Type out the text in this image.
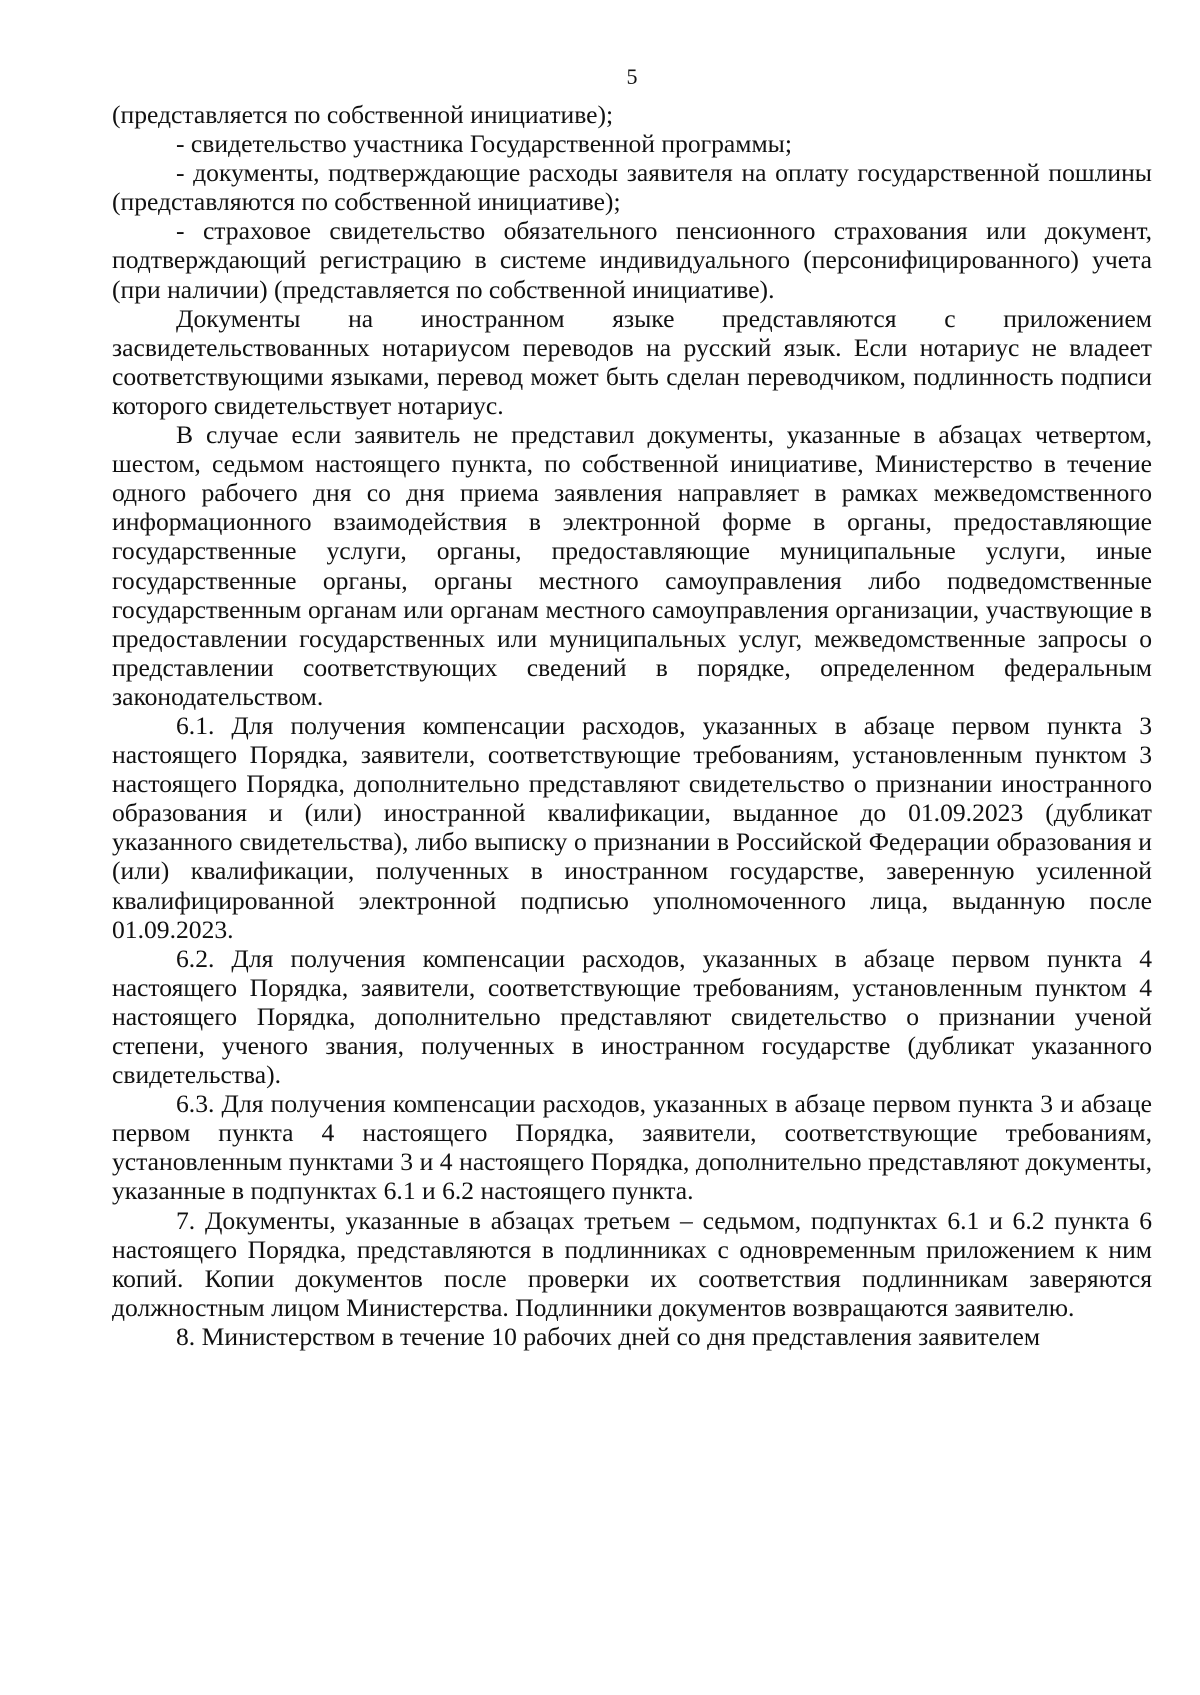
5

(представляется по собственной инициативе);

- свидетельство участника Государственной программы;

- документы, подтверждающие расходы заявителя на оплату государственной пошлины (представляются по собственной инициативе);

- страховое свидетельство обязательного пенсионного страхования или документ, подтверждающий регистрацию в системе индивидуального (персонифицированного) учета (при наличии) (представляется по собственной инициативе).

Документы на иностранном языке представляются с приложением засвидетельствованных нотариусом переводов на русский язык. Если нотариус не владеет соответствующими языками, перевод может быть сделан переводчиком, подлинность подписи которого свидетельствует нотариус.

В случае если заявитель не представил документы, указанные в абзацах четвертом, шестом, седьмом настоящего пункта, по собственной инициативе, Министерство в течение одного рабочего дня со дня приема заявления направляет в рамках межведомственного информационного взаимодействия в электронной форме в органы, предоставляющие государственные услуги, органы, предоставляющие муниципальные услуги, иные государственные органы, органы местного самоуправления либо подведомственные государственным органам или органам местного самоуправления организации, участвующие в предоставлении государственных или муниципальных услуг, межведомственные запросы о представлении соответствующих сведений в порядке, определенном федеральным законодательством.

6.1. Для получения компенсации расходов, указанных в абзаце первом пункта 3 настоящего Порядка, заявители, соответствующие требованиям, установленным пунктом 3 настоящего Порядка, дополнительно представляют свидетельство о признании иностранного образования и (или) иностранной квалификации, выданное до 01.09.2023 (дубликат указанного свидетельства), либо выписку о признании в Российской Федерации образования и (или) квалификации, полученных в иностранном государстве, заверенную усиленной квалифицированной электронной подписью уполномоченного лица, выданную после 01.09.2023.

6.2. Для получения компенсации расходов, указанных в абзаце первом пункта 4 настоящего Порядка, заявители, соответствующие требованиям, установленным пунктом 4 настоящего Порядка, дополнительно представляют свидетельство о признании ученой степени, ученого звания, полученных в иностранном государстве (дубликат указанного свидетельства).

6.3. Для получения компенсации расходов, указанных в абзаце первом пункта 3 и абзаце первом пункта 4 настоящего Порядка, заявители, соответствующие требованиям, установленным пунктами 3 и 4 настоящего Порядка, дополнительно представляют документы, указанные в подпунктах 6.1 и 6.2 настоящего пункта.

7. Документы, указанные в абзацах третьем – седьмом, подпунктах 6.1 и 6.2 пункта 6 настоящего Порядка, представляются в подлинниках с одновременным приложением к ним копий. Копии документов после проверки их соответствия подлинникам заверяются должностным лицом Министерства. Подлинники документов возвращаются заявителю.

8. Министерством в течение 10 рабочих дней со дня представления заявителем
